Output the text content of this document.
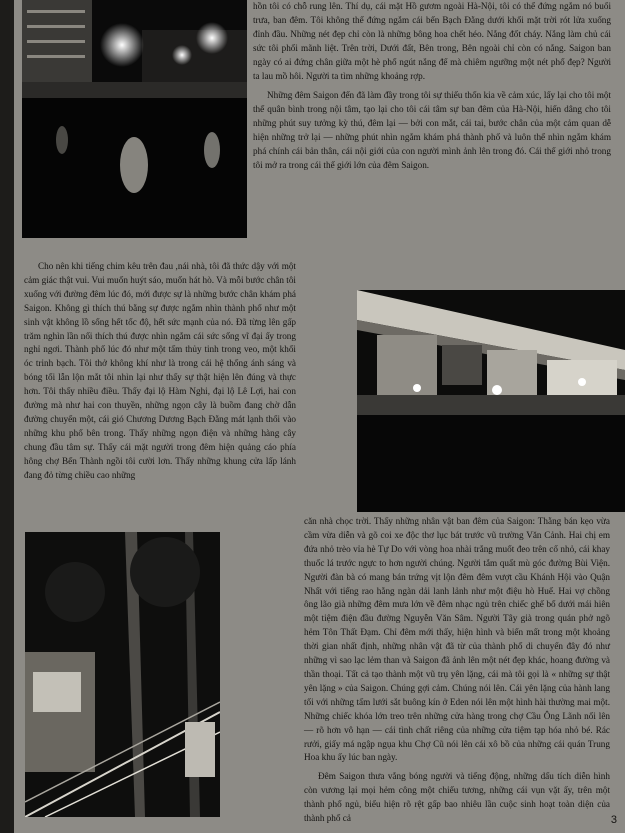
hồn tôi có chỗ rung lên. Thí dụ, cái mặt Hồ gươm ngoài Hà-Nội, tôi có thể đứng ngắm nó buổi trưa, ban đêm. Tôi không thể đứng ngắm cái bến Bạch Đằng dưới khối mặt trời rót lửa xuống đỉnh đầu. Những nét đẹp chỉ còn là những bông hoa chết héo. Nắng đốt cháy. Nắng làm chủ cái sức tôi phối mãnh liệt. Trên trời, Dưới đất, Bên trong, Bên ngoài chỉ còn có nắng. Saigon ban ngày có ai đứng chân giữa một hè phố ngút nắng để mà chiêm ngưỡng một nét phố đẹp? Người ta lau mồ hôi. Người ta tìm những khoảng rợp.

Những đêm Saigon đến đã làm đầy trong tôi sự thiếu thốn kia về cảm xúc, lấy lại cho tôi một thế quân bình trong nội tâm, tạo lại cho tôi cái tâm sự ban đêm của Hà-Nội, hiến dâng cho tôi những phút suy tưởng kỳ thú, đêm lại — bởi con mắt, cái tai, bước chân của một cảm quan dễ hiện những trở lại — những phút nhìn ngắm khám phá thành phố và luôn thể nhìn ngắm khám phá chính cái bản thân, cái nội giới của con người mình ảnh lên trong đó. Cái thế giới nhỏ trong tôi mở ra trong cái thế giới lớn của đêm Saigon.

Cho nên khi tiếng chim kêu trên đau ,nái nhà, tôi đã thức dậy với một cảm giác thật vui. Vui muốn huýt sáo, muốn hát hò. Và mỗi bước chân tôi xuống với đường đêm lúc đó, mới được sự là những bước chân khám phá Saigon. Không gì thích thú bằng sự được ngắm nhìn thành phố như một sinh vật không lồ sống hết tốc độ, hết sức mạnh của nó. Đã từng lên gấp trăm nghìn lần nối thích thú được nhìn ngắm cái sức sống vĩ đại ấy trong nghỉ ngơi. Thành phố lúc đó như một tấm thủy tinh trong veo, một khối óc trinh bạch. Tôi thở không khí như là trong cái hệ thống ánh sáng và bóng tối lẫn lộn mắt tôi nhìn lại như thấy sự thật hiện lên đúng và thực hơn. Tôi thấy nhiều điều. Thấy đại lộ Hàm Nghi, đại lộ Lê Lợi, hai con đường mà như hai con thuyền, những ngọn cây là buồm đang chờ dẫn đường chuyển một, cái gió Chương Dương Bạch Đằng mát lạnh thổi vào những khu phố bên trong. Thấy những ngọn điện và những hàng cây chung đầu tâm sự. Thấy cái mặt người trong đêm hiện quảng cáo phía hông chợ Bến Thành ngồi tôi cười lơn. Thấy những khung cửa lấp lánh đang đỏ từng chiều cao những

căn nhà chọc trời. Thấy những nhân vật ban đêm của Saigon: Thằng bán kẹo vừa cầm vừa diễn và gõ coi xe độc thơ lục bát trước vũ trường Văn Cảnh. Hai chị em đứa nhỏ trèo vỉa hè Tự Do với vòng hoa nhài trắng muốt đeo trên cổ nhỏ, cái khay thuốc lá trước ngực to hơn người chúng. Người tắm quất mù góc đường Bùi Viện. Người đàn bà có mang bán trứng vịt lộn đêm đêm vượt cầu Khánh Hội vào Quận Nhất với tiếng rao hằng ngàn dải lanh lảnh như một điệu hò Huế. Hai vợ chồng ông lão già những đêm mưa lớn về đêm nhạc ngủ trên chiếc ghế bố dưới mái hiên một tiệm điện đầu đường Nguyễn Văn Sâm. Người Tây già trong quán phở ngõ hẻm Tôn Thất Đạm. Chỉ đêm mới thấy, hiện hình và biến mất trong một khoảng thời gian nhất định, những nhân vật đã từ của thành phố di chuyển đây đó như những vì sao lạc lẻm than và Saigon đã ảnh lên một nét đẹp khác, hoang đường và thần thoại. Tất cả tạo thành một vũ trụ yên lặng, cái mà tôi gọi là « những sự thật yên lặng » của Saigon. Chúng gợi cảm. Chúng nói lên. Cái yên lặng của hành lang tối với những tấm lưới sắt buông kín ở Eden nói lên một hình hài thường mai một. Những chiếc khóa lớn treo trên những cửa hàng trong chợ Cầu Ông Lãnh nối lên — rõ hơn vô hạn — cái tình chất riêng của những cửa tiệm tạp hóa nhỏ bé. Rác rưởi, giấy má ngập ngụa khu Chợ Cũ nói lên cái xô bồ của những cái quán Trung Hoa khu ấy lúc ban ngày.

Đêm Saigon thưa vắng bóng người và tiếng động, những dấu tích diễn hình còn vương lại mọi hẻm công một chiếu tương, những cái vụn vặt ấy, trên một thành phố ngủ, biểu hiện rõ rệt gấp bao nhiêu lần cuộc sinh hoạt toàn diện của thành phố cả	3
